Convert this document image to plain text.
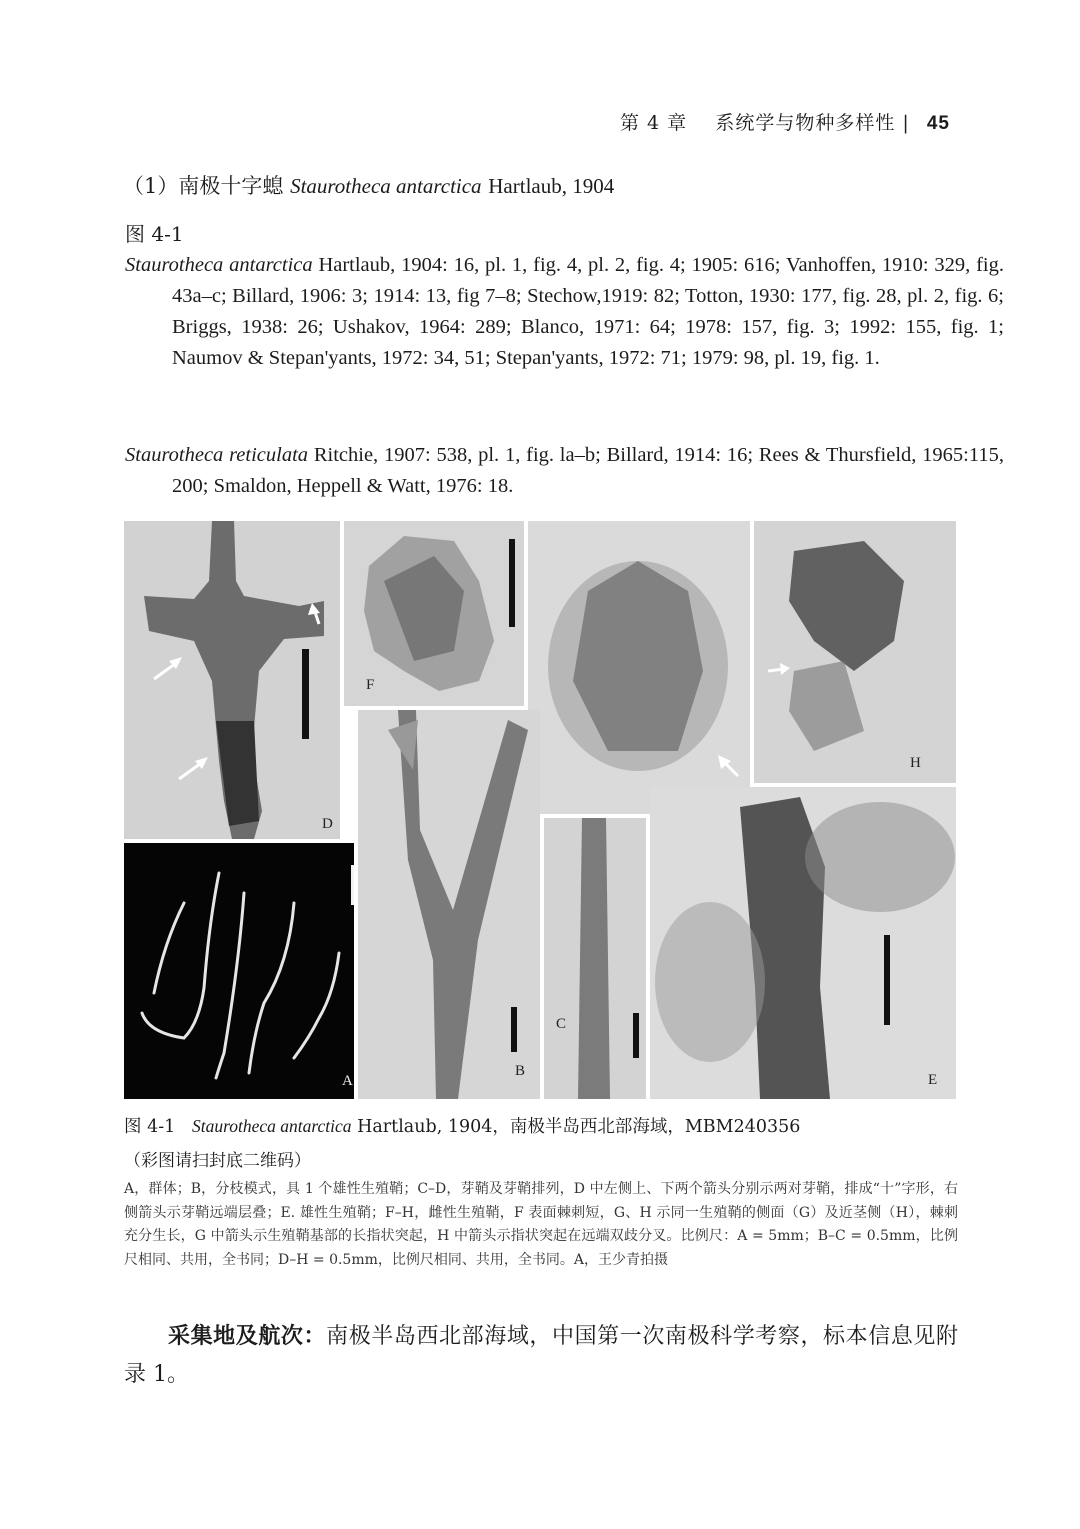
第 4 章 系统学与物种多样性 | 45
（1）南极十字螅 Staurotheca antarctica Hartlaub, 1904
图 4-1
Staurotheca antarctica Hartlaub, 1904: 16, pl. 1, fig. 4, pl. 2, fig. 4; 1905: 616; Vanhoffen, 1910: 329, fig. 43a–c; Billard, 1906: 3; 1914: 13, fig 7–8; Stechow,1919: 82; Totton, 1930: 177, fig. 28, pl. 2, fig. 6; Briggs, 1938: 26; Ushakov, 1964: 289; Blanco, 1971: 64; 1978: 157, fig. 3; 1992: 155, fig. 1; Naumov & Stepan'yants, 1972: 34, 51; Stepan'yants, 1972: 71; 1979: 98, pl. 19, fig. 1.
Staurotheca reticulata Ritchie, 1907: 538, pl. 1, fig. la–b; Billard, 1914: 16; Rees & Thursfield, 1965:115, 200; Smaldon, Heppell & Watt, 1976: 18.
D
F
H
B
C
E
A
图 4-1 Staurotheca antarctica Hartlaub, 1904，南极半岛西北部海域，MBM240356
（彩图请扫封底二维码）
A，群体；B，分枝模式，具 1 个雄性生殖鞘；C–D，芽鞘及芽鞘排列，D 中左侧上、下两个箭头分别示两对芽鞘，排成“十”字形，右侧箭头示芽鞘远端层叠；E. 雄性生殖鞘；F–H，雌性生殖鞘，F 表面棘刺短，G、H 示同一生殖鞘的侧面（G）及近茎侧（H），棘刺充分生长，G 中箭头示生殖鞘基部的长指状突起，H 中箭头示指状突起在远端双歧分叉。比例尺：A = 5mm；B–C = 0.5mm，比例尺相同、共用，全书同；D–H = 0.5mm，比例尺相同、共用，全书同。A，王少青拍摄
采集地及航次：南极半岛西北部海域，中国第一次南极科学考察，标本信息见附录 1。
